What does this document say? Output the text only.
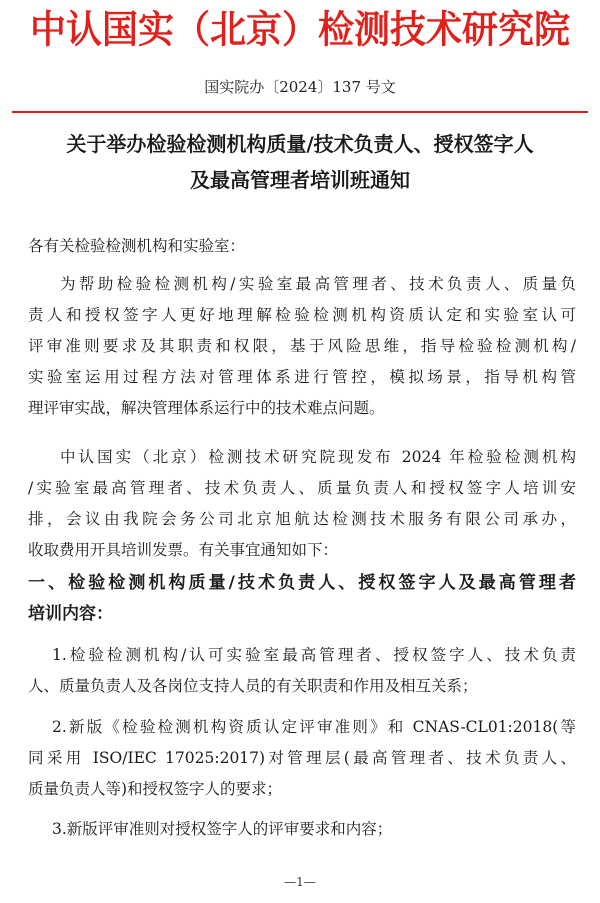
中认国实（北京）检测技术研究院
国实院办〔2024〕137 号文
关于举办检验检测机构质量/技术负责人、授权签字人
及最高管理者培训班通知
各有关检验检测机构和实验室：
为帮助检验检测机构/实验室最高管理者、技术负责人、质量负
责人和授权签字人更好地理解检验检测机构资质认定和实验室认可
评审准则要求及其职责和权限，基于风险思维，指导检验检测机构/
实验室运用过程方法对管理体系进行管控，模拟场景，指导机构管
理评审实战，解决管理体系运行中的技术难点问题。
中认国实（北京）检测技术研究院现发布 2024 年检验检测机构
/实验室最高管理者、技术负责人、质量负责人和授权签字人培训安
排，会议由我院会务公司北京旭航达检测技术服务有限公司承办，
收取费用开具培训发票。有关事宜通知如下：
一、检验检测机构质量/技术负责人、授权签字人及最高管理者
培训内容：
1.检验检测机构/认可实验室最高管理者、授权签字人、技术负责
人、质量负责人及各岗位支持人员的有关职责和作用及相互关系；
2.新版《检验检测机构资质认定评审准则》和 CNAS-CL01:2018(等
同采用 ISO/IEC 17025:2017)对管理层(最高管理者、技术负责人、
质量负责人等)和授权签字人的要求；
3.新版评审准则对授权签字人的评审要求和内容；
—1—
